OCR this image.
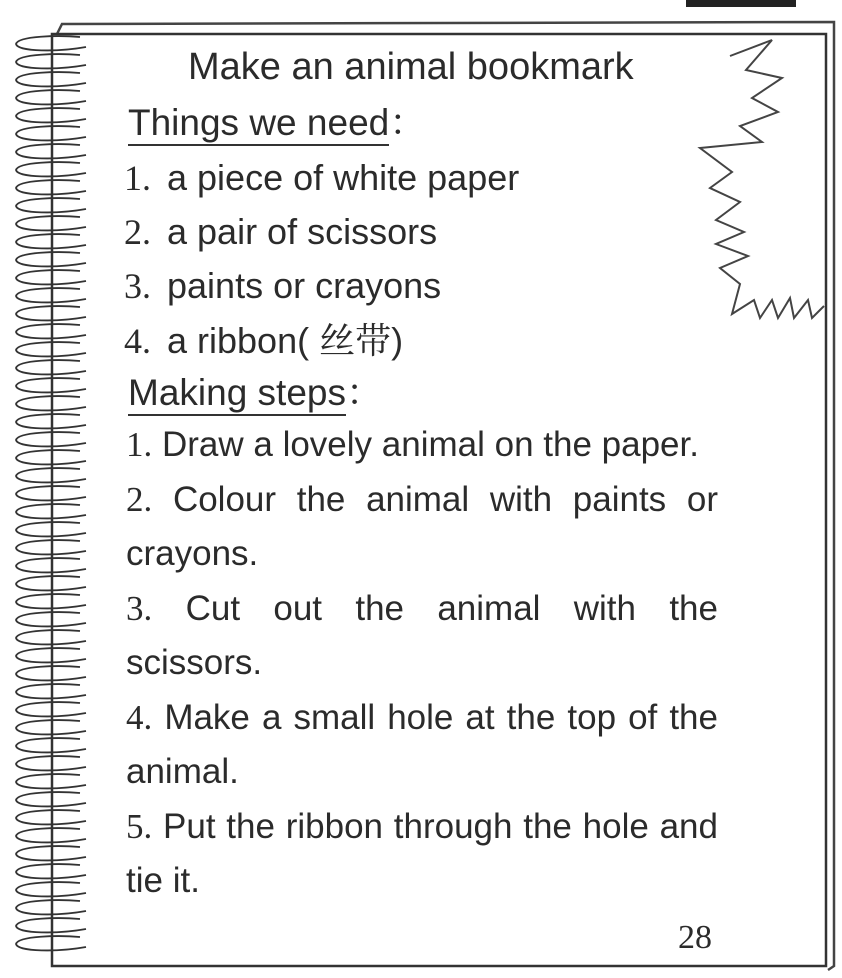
Make an animal bookmark
Things we need：
1. a piece of white paper
2. a pair of scissors
3. paints or crayons
4. a ribbon( 丝带)
Making steps：
1. Draw a lovely animal on the paper.
2. Colour the animal with paints or crayons.
3. Cut out the animal with the scissors.
4. Make a small hole at the top of the animal.
5. Put the ribbon through the hole and tie it.
28
